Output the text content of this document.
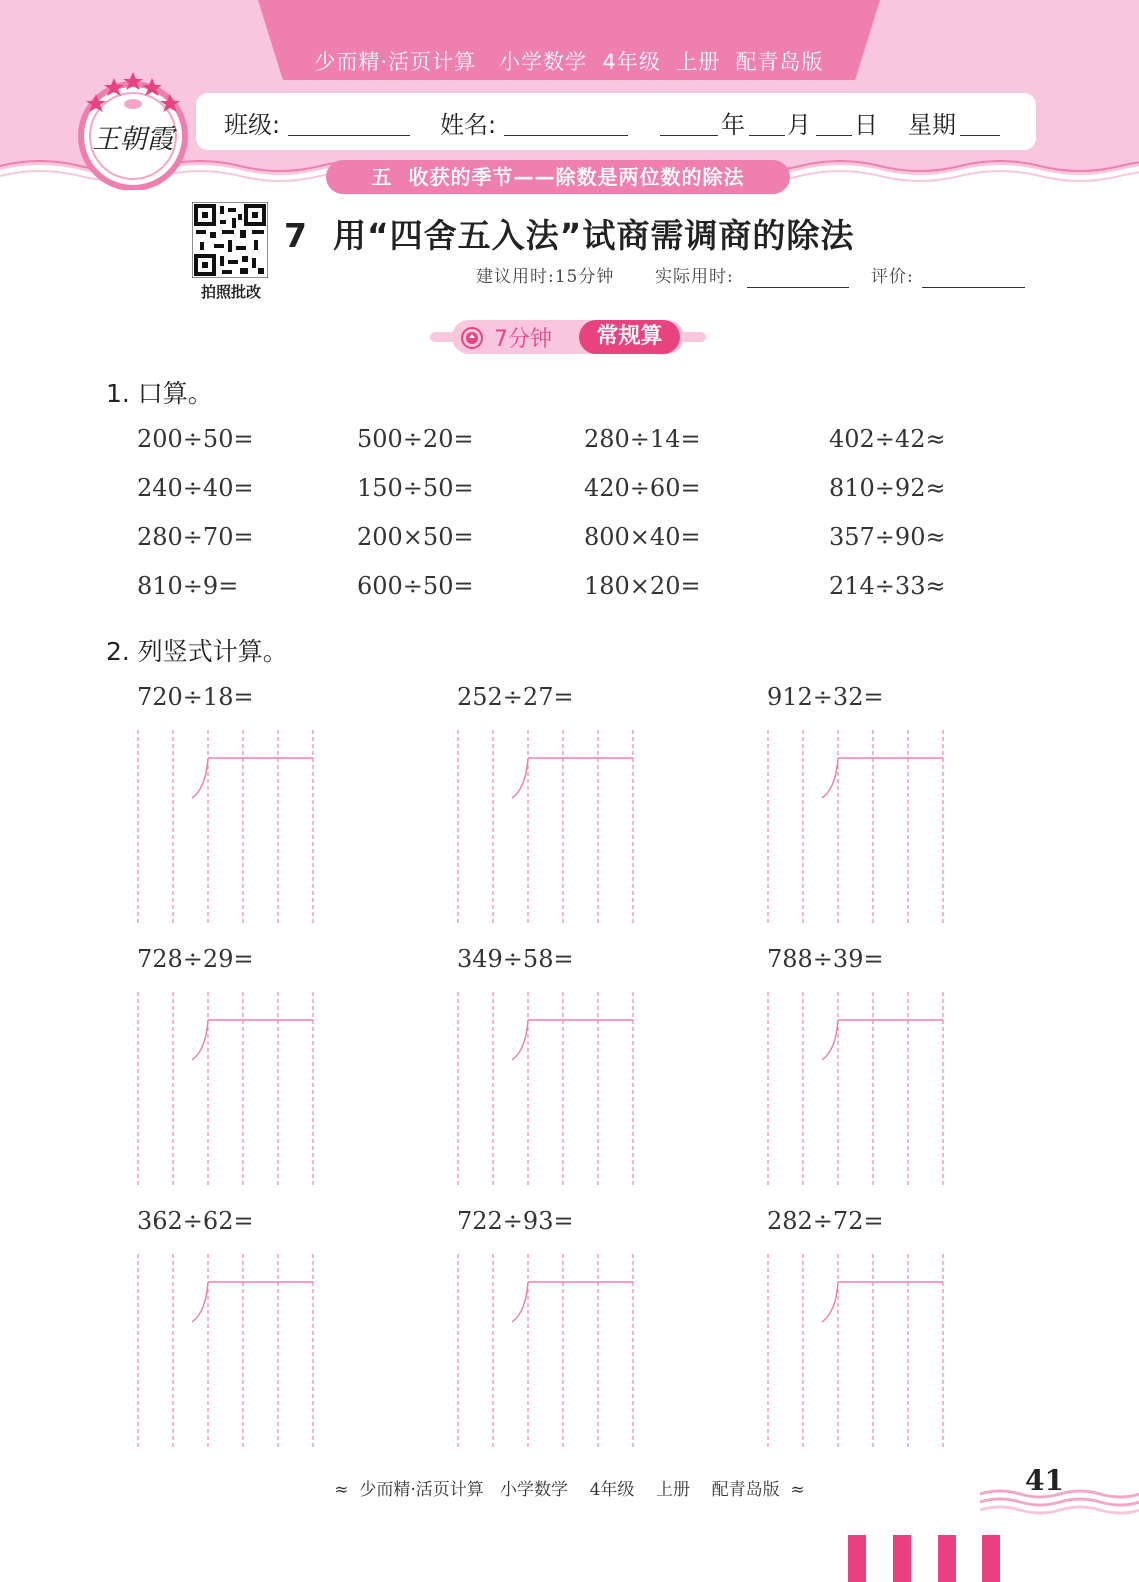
少而精·活页计算   小学数学  4年级  上册  配青岛版
班级:	姓名:	年 月 日 星期
五  收获的季节——除数是两位数的除法
王朝霞
拍照批改
7  用“四舍五入法”试商需调商的除法
建议用时:15分钟 实际用时:	评价:
7分钟	常规算
1. 口算。
200÷50=	500÷20=	280÷14=	402÷42≈
240÷40=	150÷50=	420÷60=	810÷92≈
280÷70=	200×50=	800×40=	357÷90≈
810÷9=	600÷50=	180×20=	214÷33≈
2. 列竖式计算。
720÷18=	252÷27=	912÷32=
728÷29=	349÷58=	788÷39=
362÷62=	722÷93=	282÷72=
≈  少而精·活页计算   小学数学    4年级    上册    配青岛版  ≈	41
